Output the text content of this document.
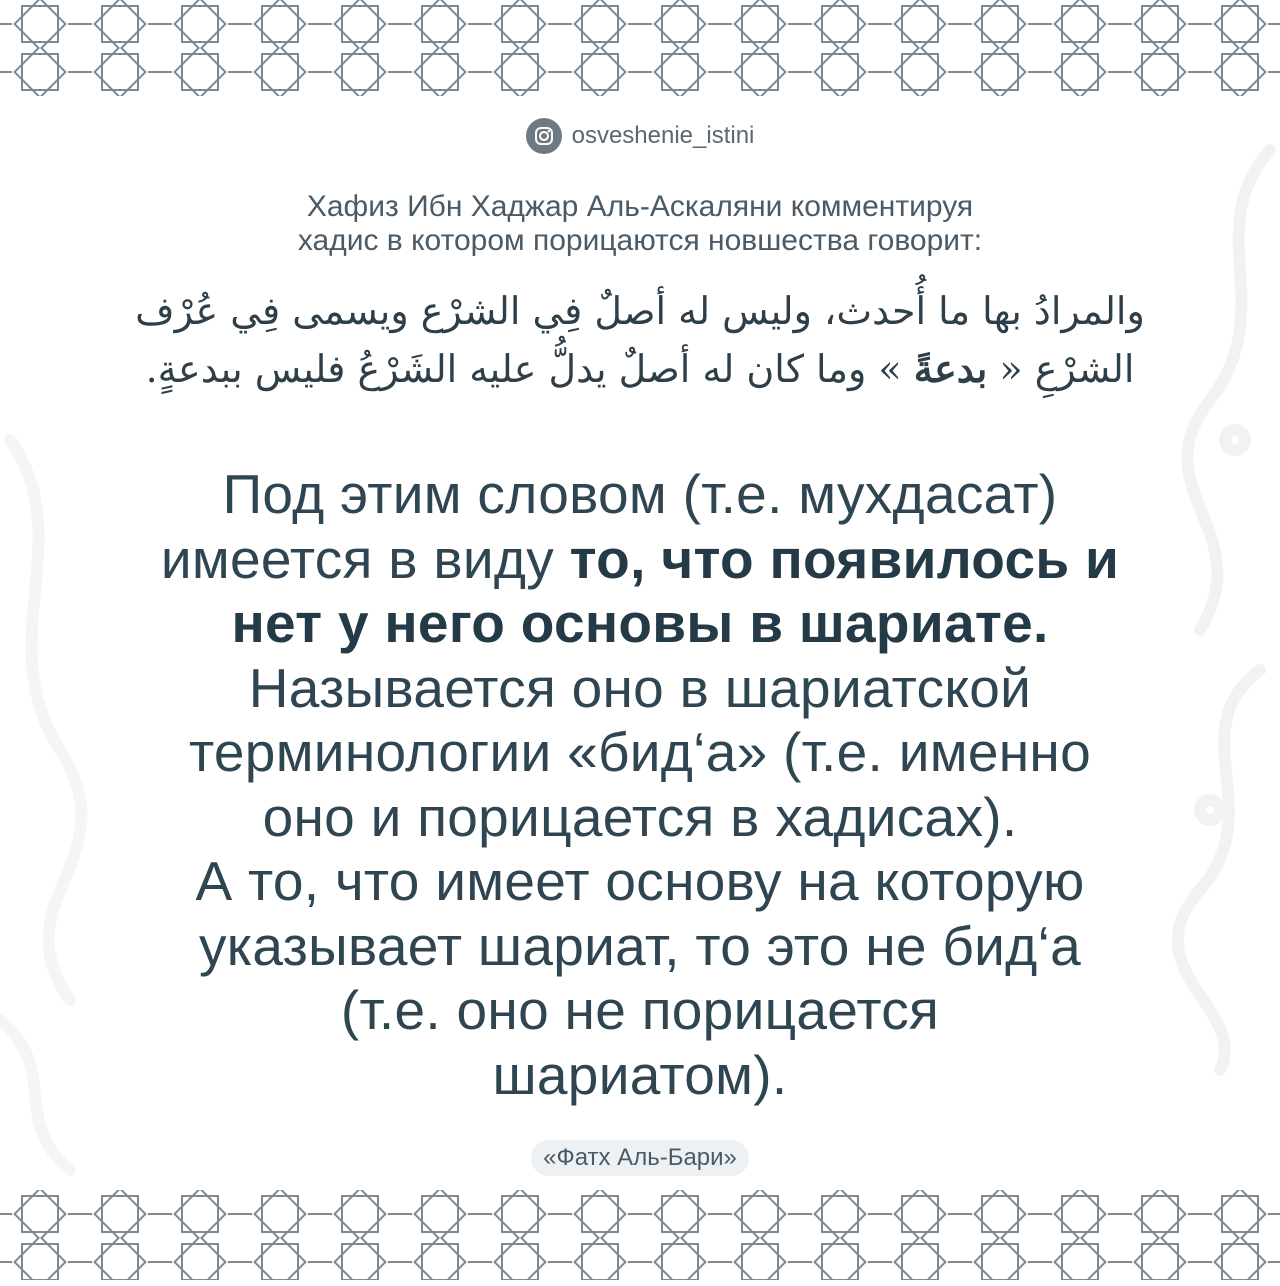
osveshenie_istini
Хафиз Ибн Хаджар Аль-Аскаляни комментируя
хадис в котором порицаются новшества говорит:
والمرادُ بها ما أُحدث، وليس له أصلٌ فِي الشرْع ويسمى فِي عُرْف
الشرْعِ « بدعةً » وما كان له أصلٌ يدلُّ عليه الشَرْعُ فليس ببدعةٍ.
Под этим словом (т.е. мухдасат)
имеется в виду то, что появилось и
нет у него основы в шариате.
Называется оно в шариатской
терминологии «бид‘а» (т.е. именно
оно и порицается в хадисах).
А то, что имеет основу на которую
указывает шариат, то это не бид‘а
(т.е. оно не порицается
шариатом).
«Фатх Аль-Бари»
